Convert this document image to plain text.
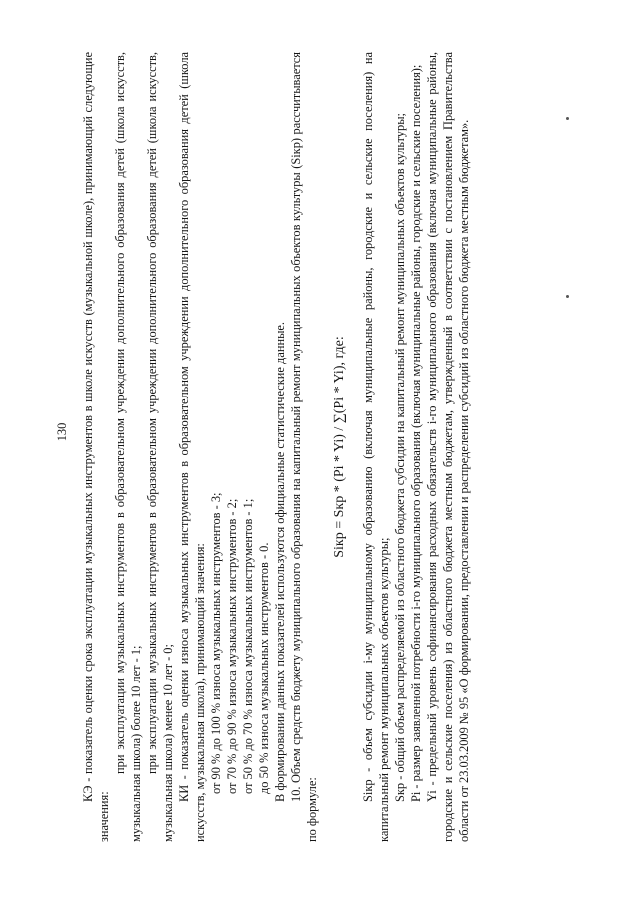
130 КЭ - показатель оценки срока эксплуатации музыкальных инструментов в школе искусств (музыкальной школе), принимающий следующие значения:

при эксплуатации музыкальных инструментов в образовательном учреждении дополнительного образования детей (школа искусств, музыкальная школа) более 10 лет - 1; при эксплуатации музыкальных инструментов в образовательном учреждении дополнительного образования детей (школа искусств, музыкальная школа) менее 10 лет - 0; КИ - показатель оценки износа музыкальных инструментов в образовательном учреждении дополнительного образования детей (школа искусств, музыкальная школа), принимающий значения: от 90 % до 100 % износа музыкальных инструментов - 3; от 70 % до 90 % износа музыкальных инструментов - 2; от 50 % до 70 % износа музыкальных инструментов - 1; до 50 % износа музыкальных инструментов - 0. В формировании данных показателей используются официальные статистические данные. 10. Объем средств бюджету муниципального образования на капитальный ремонт муниципальных объектов культуры (Siкр) рассчитывается по формуле:

Siкр = Sкр * (Pi * Yi) / ∑(Pi * Yi), где: Siкр - объем субсидии i-му муниципальному образованию (включая муниципальные районы, городские и сельские поселения) на капитальный ремонт муниципальных объектов культуры; Sкр - общий объем распределяемой из областного бюджета субсидии на капитальный ремонт муниципальных объектов культуры; Pi - размер заявленной потребности i-го муниципального образования (включая муниципальные районы, городские и сельские поселения); Yi - предельный уровень софинансирования расходных обязательств i-го муниципального образования (включая муниципальные районы, городские и сельские поселения) из областного бюджета местным бюджетам, утвержденный в соответствии с постановлением Правительства области от 23.03.2009 № 95 «О формировании, предоставлении и распределении субсидий из областного бюджета местным бюджетам».
